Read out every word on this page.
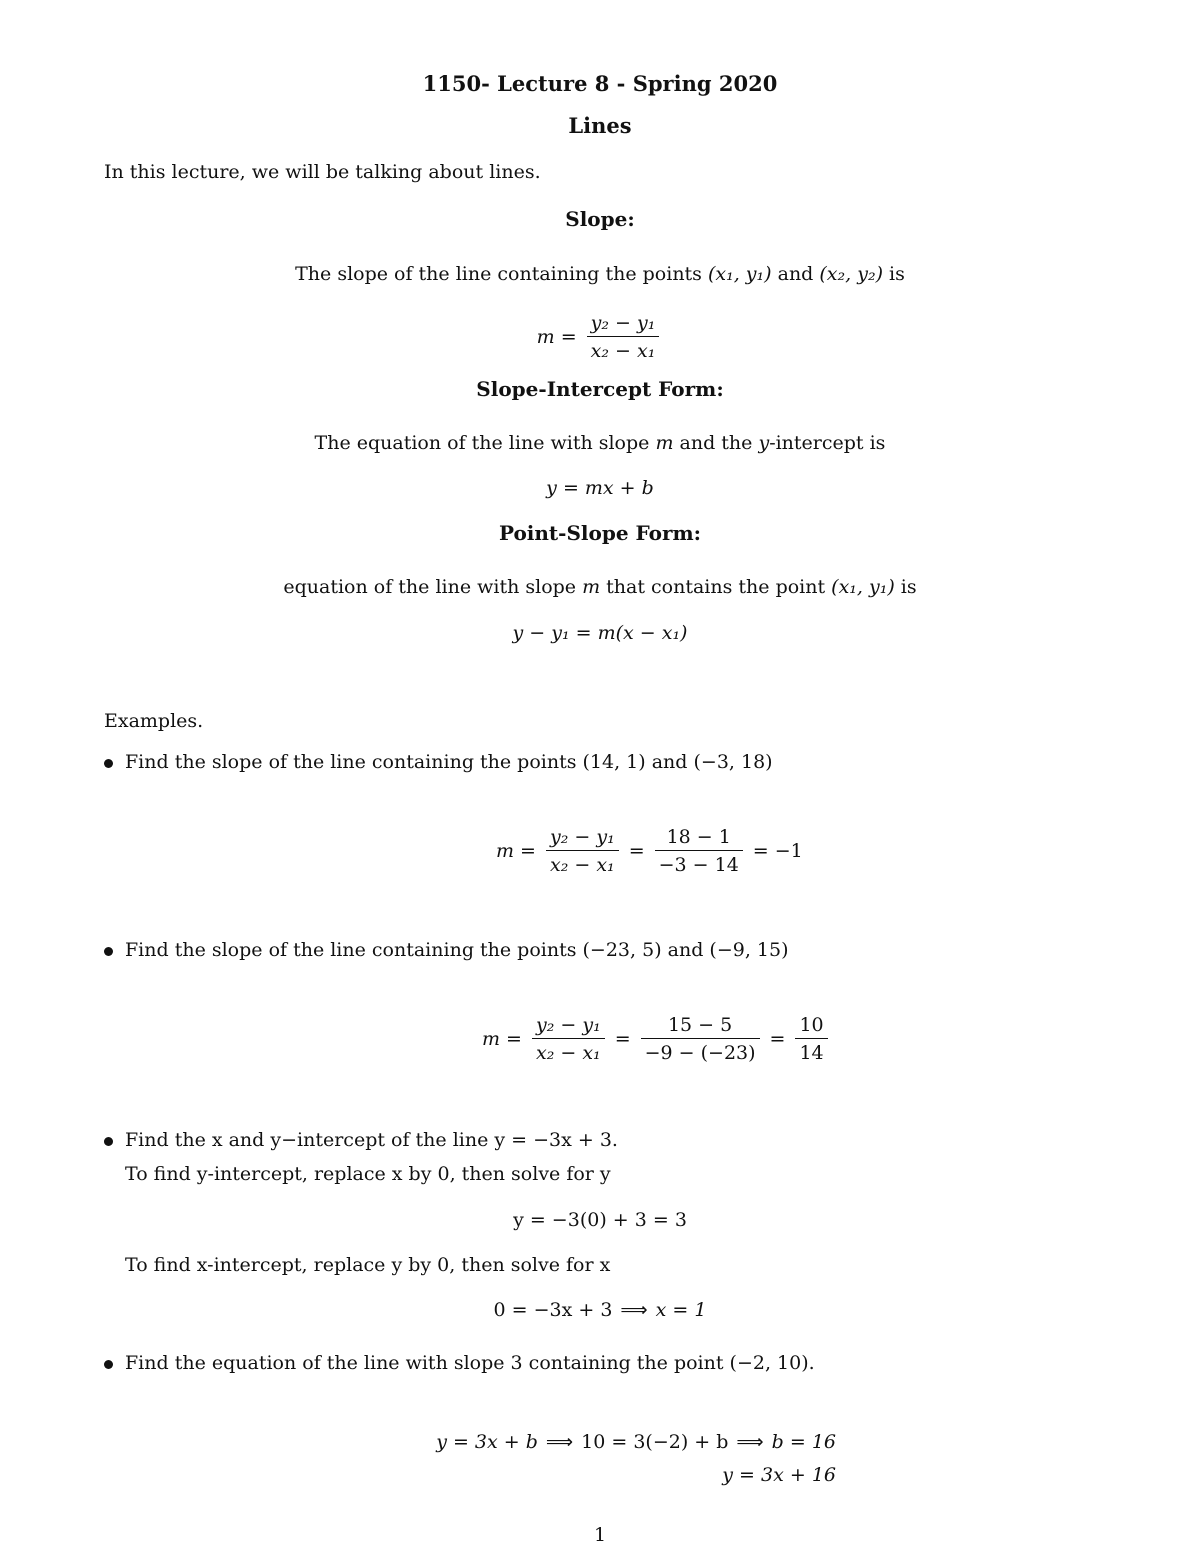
1150- Lecture 8 - Spring 2020
Lines
In this lecture, we will be talking about lines.
Slope:
The slope of the line containing the points (x₁, y₁) and (x₂, y₂) is
$m = \frac{\text{y₂ − y₁}}{\text{x₂ − x₁}}$
Slope-Intercept Form:
The equation of the line with slope m and the y-intercept is
y = mx + b
Point-Slope Form:
equation of the line with slope m that contains the point (x₁, y₁) is
y − y₁ = m(x − x₁)
Examples.
Find the slope of the line containing the points (14, 1) and (−3, 18)
$m = \frac{\text{y₂ − y₁}}{\text{x₂ − x₁}} = \frac{18 - 1}{-3 - 14} = -1$
Find the slope of the line containing the points (−23, 5) and (−9, 15)
$m = \frac{\text{y₂ − y₁}}{\text{x₂ − x₁}} = \frac{15 - 5}{-9 - (-23)} = \frac{10}{14}$
Find the x and y−intercept of the line y = −3x + 3.
To find y-intercept, replace x by 0, then solve for y
y = −3(0) + 3 = 3
To find x-intercept, replace y by 0, then solve for x
0 = −3x + 3 ⟹ x = 1
Find the equation of the line with slope 3 containing the point (−2, 10).
y = 3x + b ⟹ 10 = 3(−2) + b ⟹ b = 16
y = 3x + 16
1
